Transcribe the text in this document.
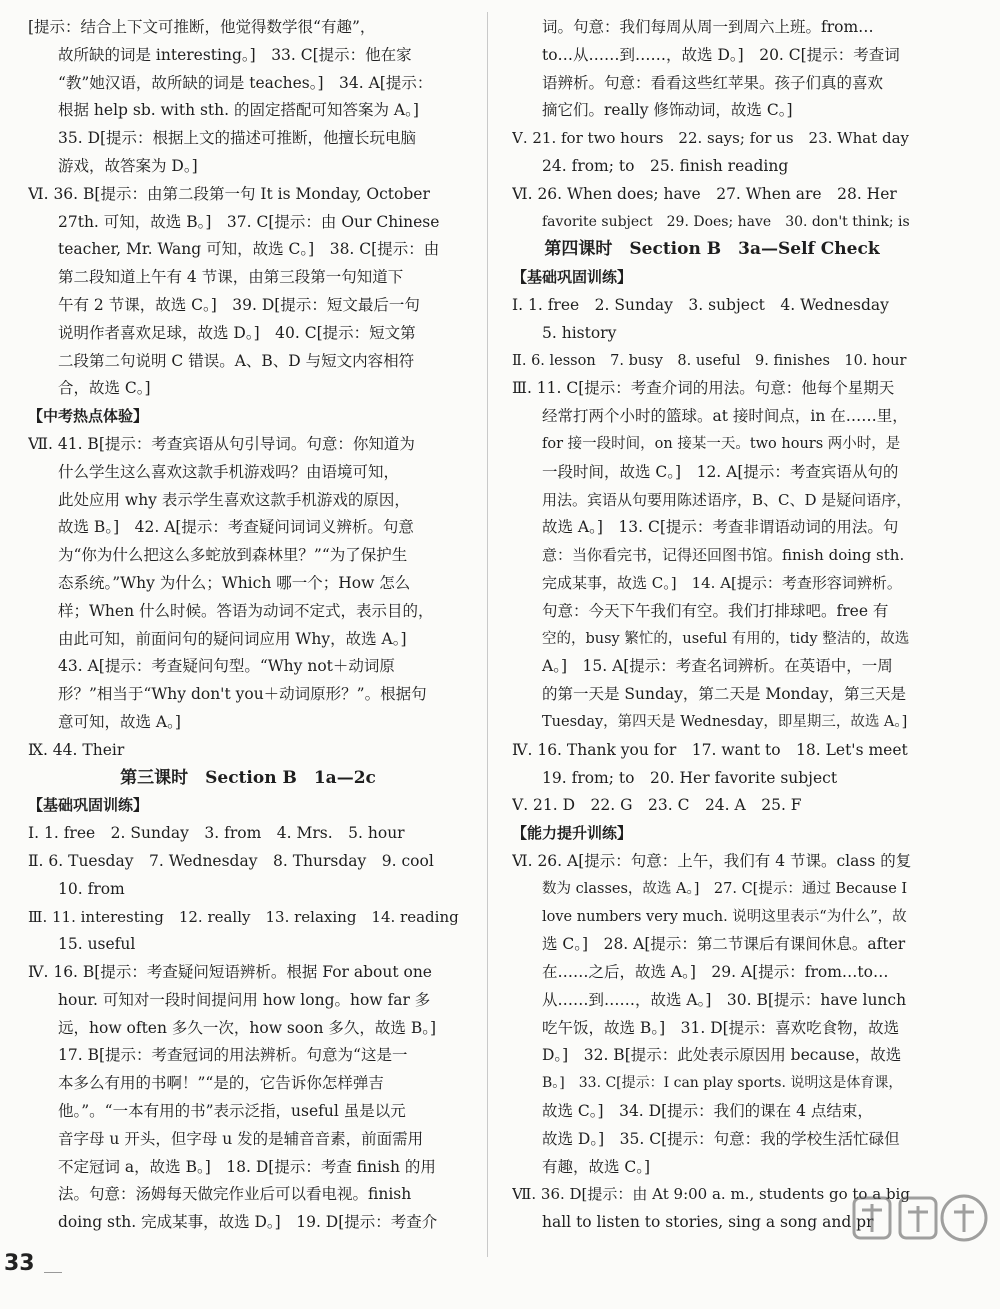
[提示：结合上下文可推断，他觉得数学很“有趣”，
故所缺的词是 interesting。]　33. C[提示：他在家
“教”她汉语，故所缺的词是 teaches。]　34. A[提示：
根据 help sb. with sth. 的固定搭配可知答案为 A。]
35. D[提示：根据上文的描述可推断，他擅长玩电脑
游戏，故答案为 D。]
Ⅵ. 36. B[提示：由第二段第一句 It is Monday, October
27th. 可知，故选 B。]　37. C[提示：由 Our Chinese
teacher, Mr. Wang 可知，故选 C。]　38. C[提示：由
第二段知道上午有 4 节课，由第三段第一句知道下
午有 2 节课，故选 C。]　39. D[提示：短文最后一句
说明作者喜欢足球，故选 D。]　40. C[提示：短文第
二段第二句说明 C 错误。A、B、D 与短文内容相符
合，故选 C。]
【中考热点体验】
Ⅶ. 41. B[提示：考查宾语从句引导词。句意：你知道为
什么学生这么喜欢这款手机游戏吗？由语境可知，
此处应用 why 表示学生喜欢这款手机游戏的原因，
故选 B。]　42. A[提示：考查疑问词词义辨析。句意
为“你为什么把这么多蛇放到森林里？”“为了保护生
态系统。”Why 为什么；Which 哪一个；How 怎么
样；When 什么时候。答语为动词不定式，表示目的，
由此可知，前面问句的疑问词应用 Why，故选 A。]
43. A[提示：考查疑问句型。“Why not＋动词原
形？”相当于“Why don't you＋动词原形？”。根据句
意可知，故选 A。]
Ⅸ. 44. Their
第三课时　Section B　1a—2c
【基础巩固训练】
Ⅰ. 1. free　2. Sunday　3. from　4. Mrs.　5. hour
Ⅱ. 6. Tuesday　7. Wednesday　8. Thursday　9. cool
10. from
Ⅲ. 11. interesting　12. really　13. relaxing　14. reading
15. useful
Ⅳ. 16. B[提示：考查疑问短语辨析。根据 For about one
hour. 可知对一段时间提问用 how long。how far 多
远，how often 多久一次，how soon 多久，故选 B。]
17. B[提示：考查冠词的用法辨析。句意为“这是一
本多么有用的书啊！”“是的，它告诉你怎样弹吉
他。”。“一本有用的书”表示泛指，useful 虽是以元
音字母 u 开头，但字母 u 发的是辅音音素，前面需用
不定冠词 a，故选 B。]　18. D[提示：考查 finish 的用
法。句意：汤姆每天做完作业后可以看电视。finish
doing sth. 完成某事，故选 D。]　19. D[提示：考查介
词。句意：我们每周从周一到周六上班。from…
to…从……到……，故选 D。]　20. C[提示：考查词
语辨析。句意：看看这些红苹果。孩子们真的喜欢
摘它们。really 修饰动词，故选 C。]
Ⅴ. 21. for two hours　22. says; for us　23. What day
24. from; to　25. finish reading
Ⅵ. 26. When does; have　27. When are　28. Her
favorite subject　29. Does; have　30. don't think; is
第四课时　Section B　3a—Self Check
【基础巩固训练】
Ⅰ. 1. free　2. Sunday　3. subject　4. Wednesday
5. history
Ⅱ. 6. lesson　7. busy　8. useful　9. finishes　10. hour
Ⅲ. 11. C[提示：考查介词的用法。句意：他每个星期天
经常打两个小时的篮球。at 接时间点，in 在……里，
for 接一段时间，on 接某一天。two hours 两小时，是
一段时间，故选 C。]　12. A[提示：考查宾语从句的
用法。宾语从句要用陈述语序，B、C、D 是疑问语序，
故选 A。]　13. C[提示：考查非谓语动词的用法。句
意：当你看完书，记得还回图书馆。finish doing sth.
完成某事，故选 C。]　14. A[提示：考查形容词辨析。
句意：今天下午我们有空。我们打排球吧。free 有
空的，busy 繁忙的，useful 有用的，tidy 整洁的，故选
A。]　15. A[提示：考查名词辨析。在英语中，一周
的第一天是 Sunday，第二天是 Monday，第三天是
Tuesday，第四天是 Wednesday，即星期三，故选 A。]
Ⅳ. 16. Thank you for　17. want to　18. Let's meet
19. from; to　20. Her favorite subject
Ⅴ. 21. D　22. G　23. C　24. A　25. F
【能力提升训练】
Ⅵ. 26. A[提示：句意：上午，我们有 4 节课。class 的复
数为 classes，故选 A。]　27. C[提示：通过 Because I
love numbers very much. 说明这里表示“为什么”，故
选 C。]　28. A[提示：第二节课后有课间休息。after
在……之后，故选 A。]　29. A[提示：from…to…
从……到……，故选 A。]　30. B[提示：have lunch
吃午饭，故选 B。]　31. D[提示：喜欢吃食物，故选
D。]　32. B[提示：此处表示原因用 because，故选
B。]　33. C[提示：I can play sports. 说明这是体育课，
故选 C。]　34. D[提示：我们的课在 4 点结束，
故选 D。]　35. C[提示：句意：我的学校生活忙碌但
有趣，故选 C。]
Ⅶ. 36. D[提示：由 At 9:00 a. m., students go to a big
hall to listen to stories, sing a song and pr
33
